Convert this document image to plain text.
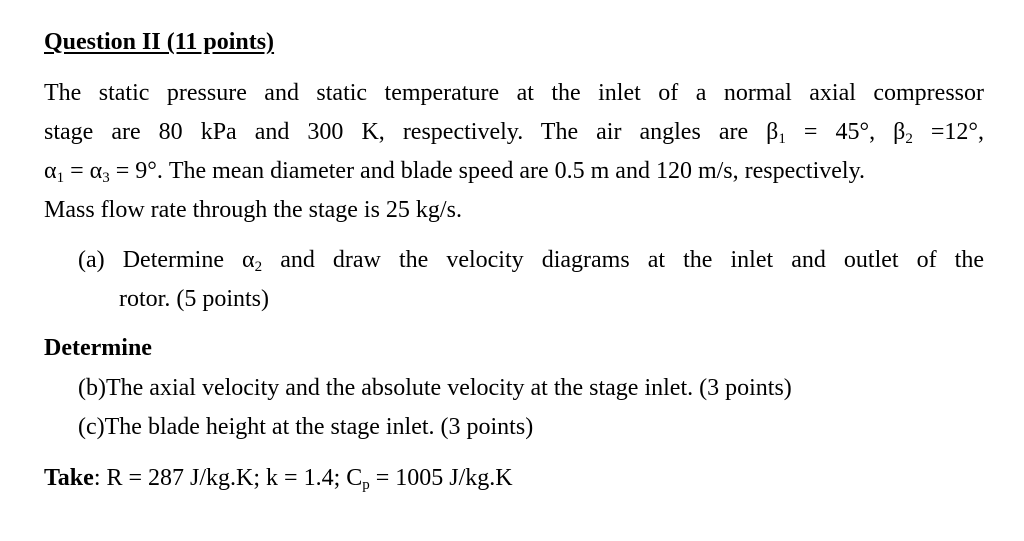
Question II (11 points)
The static pressure and static temperature at the inlet of a normal axial compressor
stage are 80 kPa and 300 K, respectively. The air angles are $\beta_1 = 45^\circ$, $\beta_2 =12^\circ$,
$\alpha_1 = \alpha_3 = 9^\circ$. The mean diameter and blade speed are 0.5 m and 120 m/s, respectively.
Mass flow rate through the stage is 25 kg/s.
(a) Determine $\alpha_2$ and draw the velocity diagrams at the inlet and outlet of the
rotor. (5 points)
Determine
(b)The axial velocity and the absolute velocity at the stage inlet. (3 points)
(c)The blade height at the stage inlet. (3 points)
Take: R = 287 J/kg.K; k = 1.4; $C_p = 1005$ J/kg.K
